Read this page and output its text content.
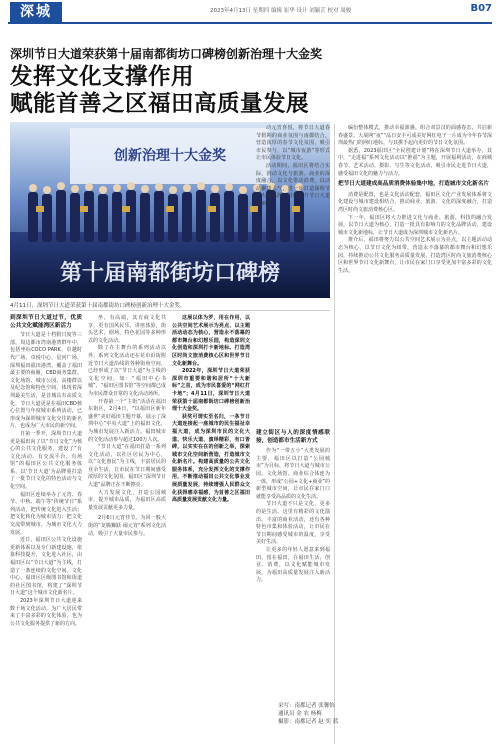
深城	2023年4月13日 星期四 编辑 崔华 设计 刘颖芷 校对 周骏	B07
深圳节日大道荣获第十届南都街坊口碑榜创新治理十大金奖
发挥文化支撑作用
赋能首善之区福田高质量发展
创新治理十大金奖
第十届南都街坊口碑榜
4月11日，深圳节日大道荣获第十届南都街坊口碑榜创新治理十大金奖。

编衍整体模式，推动幸福源感。组合双景汉的面感春态，共启新春盛景。大展网“夜”“品日安丰可成美好网红电子一片成为今年春节深圳最热门的网红地标。与其携手起向更好的节日文化氛围。

据悉，2023福田区“全民创建计划”将在深圳节日大道举办，其中，“走进福”系列文化活动以“推福”为主题，开展福利活动，在商城春节、艺术活动、摄影、写生等文化活动，吸引市民走进节日大道，感受福田文化的魅力与活力。

把节日大道建成高品质消费体验集中地，打造城市文化新名片

消费是配置，也是文化活动配套，福田区文化产业发展体系将文化建设与城市建设相结合，推动商业、旅游、文化的深度融合，打造湾区时尚文旅消费核心区。

下一年，福田区将大力推进文化与商业、旅游、科技的融合发展，以节日大道为核心，打造一批具有影响力的文化品牌活动，建设城市文化新地标，让节日大道成为深圳城市文化新名片。

推介后，福田将努力以公共空间艺术展示为亮点，以主题活动动态为核心，以节日文化为纽带，营造永不落幕的都市舞台和幻想乐园，持续推动公共文化服务高质量发展，打造湾区时尚文旅消费核心区和世界节日文化新舞台，让市民在家门口享受更加丰富多彩的文化生活。

到深圳节日大道过节，优质公共文化赋能湾区新活力

节日大道是十档假日度等三部，周边都市湾南港湾群年中，包括坐标COCO PARK、卓越时代广场、卓悦中心、星河广场、深圳福田福田港湾，覆盖了福田最主要的商圈，CBD商务集群、文化场馆、城市公园、高楼群以及纪念馆和特色空间，体现着深圳最美生活，是首城具有高质文化，节日大道更是在福田CBD核心位置与年度城市系列活动，已形成为深圳城市文化交往的新名片，也成为广大市民的新空间。

自第一季开，深圳节日大道更是福田向了以“节日文化”为核心的公共文化服务，建设了“有文化活动、有交流平台、有场馆”的福田区公共文化服务体系，以‘节日大道’为品牌重打造了一批节日文化的特色活动与文化空间。

福田区连续举办了元宵、春节、中秋、端午等“传统节日”系列活动，把传统文化进入生活；把文化转化为城市活力；把文化交流带到城市，为城市文化大力发展。

近日，福田区公共文化设施更新体系以及专门新建设施，依靠科技提升，文化进入社区，由福田区以“节日大道”为主线，打造了一条连续的文化空间。文化中心、福田区区级图书馆和街道的社区图书馆，构建了“深圳节日大道”这个城市文化新名片。

2023年深圳节日大道迎来数十场文化活动，为广大居民带来了丰富多彩的文化体验，也为公共文化服务提供了新的方向。

坐，有高端，其有商文化共享，更有国风民乐，讲座体验，街头艺术，剧场，特色花园等多种形式的文化活动。

除了在主舞台的系列活动以外，系列文化活动还在花市沿街附近节日大道沿线的各种街角空间，已经形成了以“节日大道”为主线的文化空间，如：“福田中心书城”、“福田区图书馆”等空间都已成为市民群众日常的文化活动场所。

开春第一个“主街”活动在福田东街区，2月4日，“以福田区新年盛世”美好福田主题开幕，展示了深圳中心“中央大道”上的福田文化，为城市发展注入新活力。福田城市的文化活动参与超过100万人次。

“节日大道”在福田打造一系列文化活动，以社区居民为中心，以“文化惠民”为主线，丰富居民的业余生活，让市民在节日期间感受浓厚的文化氛围，福田区“深圳节日大道”品牌正在不断擦亮。

大力发展文化，打造公园城市，提升城市品质，为福田区高质量发展贡献更多力量。

2月6日元宵佳节，为回一般大街的“龙腾狮跃·闹元宵”系列文化活动，吸引了大量市民参与。

这展以体为罗，用在作用，以公共空间艺术展示为亮点，以主题活动动态为核心，营造永不落幕的都市舞台和幻想乐园，构造深圳文化创造和深圳打卡新地标。打造湾区时尚文旅消费核心区和世界节日文化新舞台。

2022年，深圳节日大道荣获深圳市重要和谐和居所“十大新标”之首，成为市民喜爱的“网红打卡地”；4月11日，深圳节日大道荣获第十届南都街坊口碑榜创新治理十大金奖。

获奖可谓实至名归，一条节日大道连接起一座城市的民生福祉幸福大道，成为深圳市民的文化大道、快乐大道、演绎精彩，有口皆碑，以实实在在的创新之举，探索城市文化空间新营造，打造城市文化新名片。构建高质量的公共文化服务体系，充分发挥文化的支撑作用，不断推动福田公共文化事业发展质量发展，持续增强人民群众文化获得感幸福感，为首善之区福田高质量发展贡献文化力量。

动元宵喜悦，将节日大道春节假期的商业氛围与南都结合，营造浓厚的春节文化氛围，吸引市民参与，以“城市夜游”等形式让市民体验节日文化。

活动期间，福田区将结合实际，推动文化与旅游、商业的深度融合，以文化带动消费，以活动聚集人气，进一步打造深圳节日大道品牌，持续提升节日大道影响力。

建立街区与人的深度情感联接，创造都市生活新方式

作为“一带五小”大类发展的主要，福田区以打造“公园城市”为目标，将节日大道与城市公园、文化场馆、商业综合体连为一体，形成“公园+文化+商业”的新型城市空间，让市民在家门口就能享受高品质的文化生活。

节日大道不只是文化，更多的是生活。这里有精彩的文化演出、丰富的商业活动，还有各种特色市集和体验活动，让市民在节日期间感受城市的温度，享受美好生活。

让更多的年轻人愿意来到福田，留在福田，在福田生活、创业、消费，以文化赋能城市发展，为福田高质量发展注入新活力。

采写：南都记者 张馨怡
通讯员 金 农 杨梅
摄影：南都记者 赵 奕 蓝
